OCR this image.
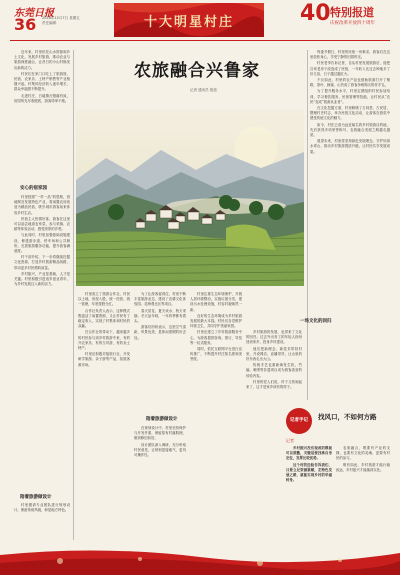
东莞日报
36 2018年12月7日 星期五
责任编辑：	十大明星村庄	40 特别报道
庆祝改革开放四十周年
农旅融合兴鲁家
记者 通讯员 报道

近年来，村里依托山水资源和乡土文化，发展乡村旅游，推动农业与旅游深度融合，让昔日的小山村焕发出新的活力。

村民们在家门口吃上了旅游饭，民宿、农家乐、土特产销售等产业相继兴起，村集体经济收入逐年增长，群众幸福感不断提升。

走进村庄，白墙黛瓦错落有致，田园风光尽收眼底，游客络绎不绝。

安心的宿家园

村里按照“一村一品”的思路，因地制宜发展特色产业，将闲置农房改造为精品民宿，吸引城市游客前来体验乡村生活。

民宿主人热情好客，游客在这里可以品尝地道农家菜，参与采摘、农耕等体验活动，感受浓浓的乡愁。

与此同时，村里加强基础设施建设，修建游步道、停车场和公共厕所，完善旅游服务功能，提升游客满意度。

村干部介绍，下一步将继续挖掘文化资源，打造乡村旅游精品线路，带动更多村民增收致富。

乡村振兴，产业是基础，人才是关键。村里积极引进返乡创业青年，为乡村发展注入新的活力。

陪着旅游做设计

村里邀请专业团队进行规划设计，保留传统风貌，彰显地方特色。

每逢节假日，村里的民宿一房难求，游客们在这里放松身心，享受宁静的田园时光。

村民老李告诉记者，自从村里发展旅游后，他把自家老房子改造成了民宿，一年收入比过去种地多了好几倍，日子越过越红火。

不仅如此，村里的农产品也借助旅游打开了销路，茶叶、蜂蜜、山货成了游客争相购买的伴手礼。

为了提升服务水平，村里定期组织村民参加培训，学习餐饮服务、民宿管理等技能，让村民从“农民”变成“旅游从业者”。

在文化挖掘方面，村里修缮了古祠堂、古民居，整理村史村志，举办民俗文化活动，让游客在游览中感受传统文化的魅力。

如今，村庄已成为远近闻名的乡村旅游目的地，先后获得多项荣誉称号，农旅融合发展之路越走越宽。

展望未来，村里将坚持绿色发展理念，守护好绿水青山，推动乡村旅游提质升级，让村民共享发展成果。

村里成立了旅游合作社，村民以土地、房屋入股，统一经营、统一管理，年底按股分红。

合作社负责人表示，这种模式既盘活了闲置资源，又让村民有了稳定收入，实现了村集体和村民的双赢。

在合作社的带动下，越来越多的村民参与到乡村旅游中来，有的开农家乐，有的当导游，有的卖土特产。

村里还积极对接旅行社，开发研学旅游、亲子游等产品，拓展客源市场。

为了让游客留得住，村里不断丰富旅游业态，建设了农耕文化体验园、花海观光区等项目。

春天赏花、夏天戏水、秋天采摘、冬天品年味，一年四季都有看头。

游客们纷纷表示，这里空气清新，风景优美，是休闲度假的好去处。

陪着旅游做设计

在规划设计中，村里坚持保护与开发并重，保留原有村落肌理，做到修旧如旧。

设计团队深入调研，充分听取村民意见，让规划更接地气、更具可操作性。

村里注重生态环境保护，开展人居环境整治，实施垃圾分类，建设污水处理设施，村容村貌焕然一新。

良好的生态环境成为乡村旅游发展的最大本钱。村民们自觉维护环境卫生，共同守护美丽家园。

村里还建立了乡村旅游服务中心，为游客提供咨询、预订、导览等一站式服务。

同时，依托互联网平台进行宣传推广，不断提升村庄知名度和美誉度。

一场文化的回归

乡村旅游的发展，也带来了文化的回归。过去外出务工的年轻人纷纷回到家乡，投身乡村建设。

他们把新理念、新技术带回村里，开设网店、直播带货，让山里的好东西走出大山。

传统手艺也重新焕发生机，竹编、刺绣等非遗项目成为游客喜爱的体验内容。

村里的老人们说，村子又热闹起来了，这才是家乡该有的样子。

记者手记	找风口，不如何方路
记者

乡村振兴没有现成的模板可以照搬，关键是要找准自身定位，发挥比较优势。

这个村的经验告诉我们，只要立足资源禀赋，走特色发展之路，就能实现乡村的华丽转身。

农旅融合，既要有产业的支撑，也要有文化的灵魂，更要有村民的参与。

唯有如此，乡村旅游才能行稳致远，乡村振兴才能落到实处。
